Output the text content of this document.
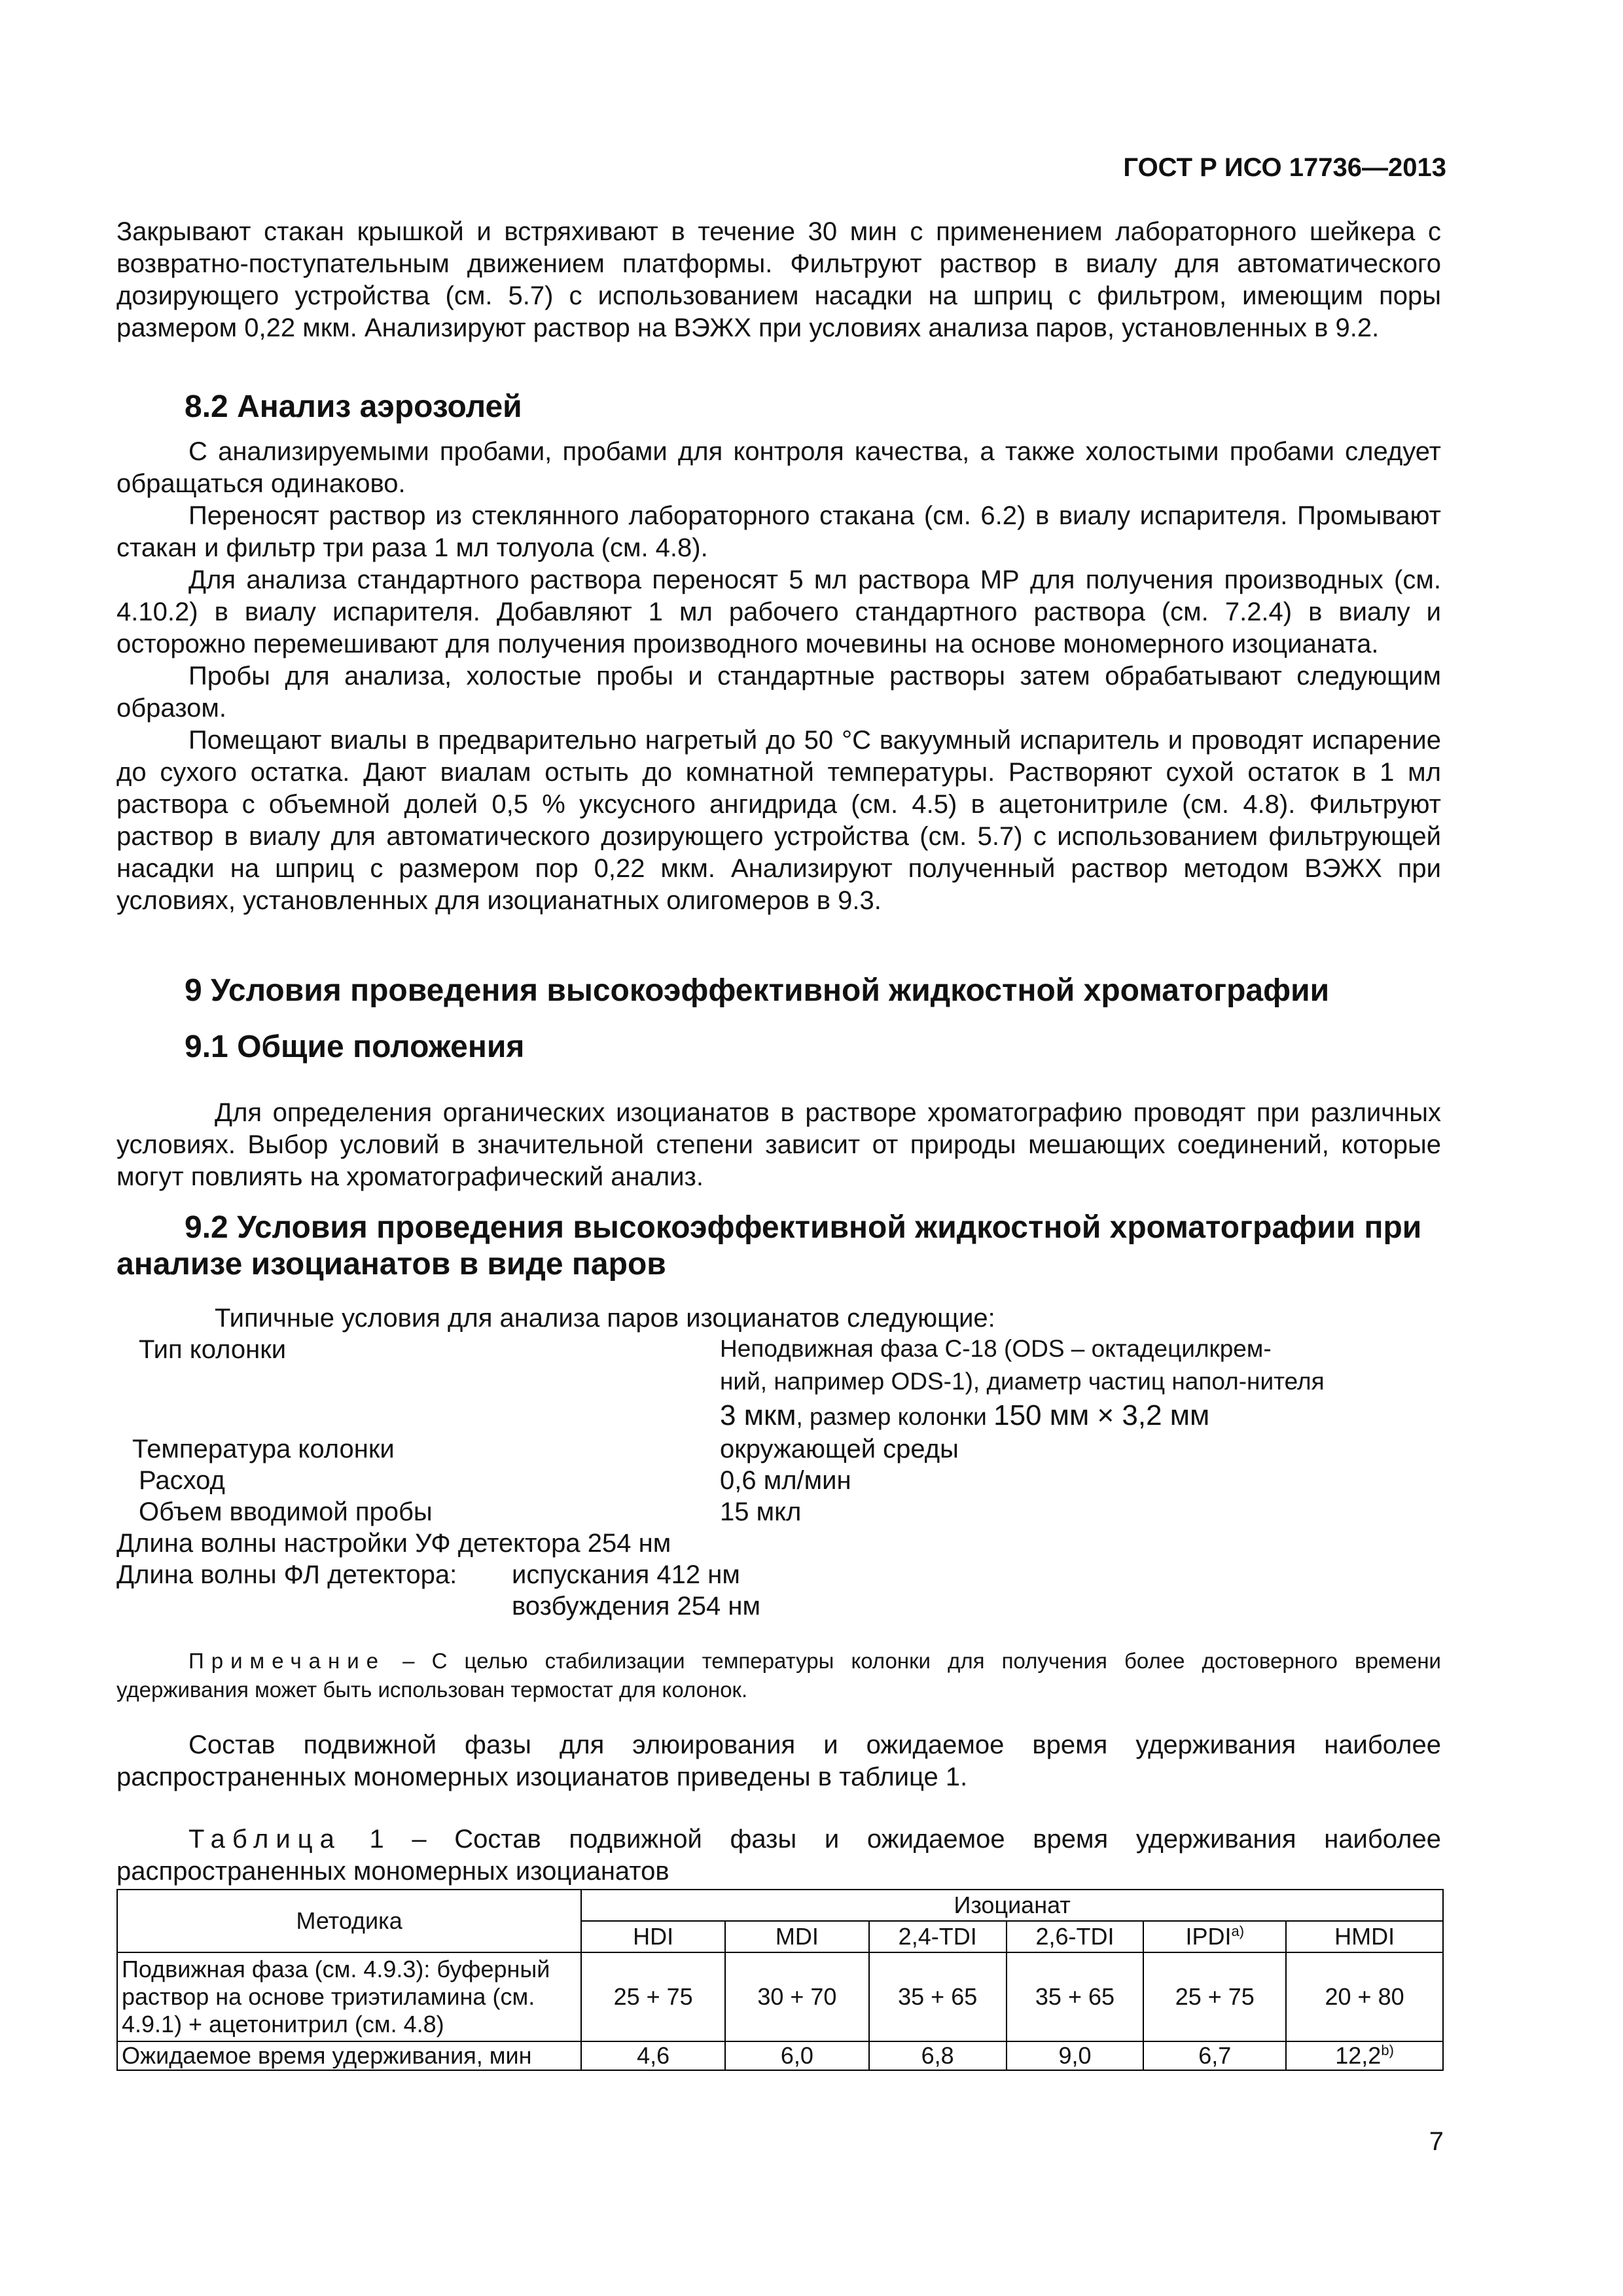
ГОСТ Р ИСО 17736—2013

Закрывают стакан крышкой и встряхивают в течение 30 мин с применением лабораторного шейкера с возвратно-поступательным движением платформы. Фильтруют раствор в виалу для автоматического дозирующего устройства (см. 5.7) с использованием насадки на шприц с фильтром, имеющим поры размером 0,22 мкм. Анализируют раствор на ВЭЖХ при условиях анализа паров, установленных в 9.2.

8.2 Анализ аэрозолей

С анализируемыми пробами, пробами для контроля качества, а также холостыми пробами следует обращаться одинаково.

Переносят раствор из стеклянного лабораторного стакана (см. 6.2) в виалу испарителя. Промывают стакан и фильтр три раза 1 мл толуола (см. 4.8).

Для анализа стандартного раствора переносят 5 мл раствора МР для получения производных (см. 4.10.2) в виалу испарителя. Добавляют 1 мл рабочего стандартного раствора (см. 7.2.4) в виалу и осторожно перемешивают для получения производного мочевины на основе мономерного изоцианата.

Пробы для анализа, холостые пробы и стандартные растворы затем обрабатывают следующим образом.

Помещают виалы в предварительно нагретый до 50 °С вакуумный испаритель и проводят испарение до сухого остатка. Дают виалам остыть до комнатной температуры. Растворяют сухой остаток в 1 мл раствора с объемной долей 0,5 % уксусного ангидрида (см. 4.5) в ацетонитриле (см. 4.8). Фильтруют раствор в виалу для автоматического дозирующего устройства (см. 5.7) с использованием фильтрующей насадки на шприц с размером пор 0,22 мкм. Анализируют полученный раствор методом ВЭЖХ при условиях, установленных для изоцианатных олигомеров в 9.3.

9 Условия проведения высокоэффективной жидкостной хроматографии
9.1 Общие положения

Для определения органических изоцианатов в растворе хроматографию проводят при различных условиях. Выбор условий в значительной степени зависит от природы мешающих соединений, которые могут повлиять на хроматографический анализ.

9.2 Условия проведения высокоэффективной жидкостной хроматографии при анализе изоцианатов в виде паров
Типичные условия для анализа паров изоцианатов следующие:
Тип колонки	Неподвижная фаза С-18 (ODS – октадецилкрем-
ний, например ODS-1), диаметр частиц напол-нителя
3 мкм, размер колонки 150 мм × 3,2 мм
Температура колонки	окружающей среды
Расход	0,6 мл/мин
Объем вводимой пробы	15 мкл
Длина волны настройки УФ детектора 254 нм
Длина волны ФЛ детектора: испускания 412 нм
возбуждения 254 нм
Примечание – С целью стабилизации температуры колонки для получения более достоверного времени удерживания может быть использован термостат для колонок.

Состав подвижной фазы для элюирования и ожидаемое время удерживания наиболее распространенных мономерных изоцианатов приведены в таблице 1.

Таблица 1 – Состав подвижной фазы и ожидаемое время удерживания наиболее распространенных мономерных изоцианатов

Методика	Изоцианат					
	HDI	MDI	2,4-TDI	2,6-TDI	$IPDI^{а)}$	HMDI
Подвижная фаза (см. 4.9.3): буферный раствор на основе триэтиламина (см. 4.9.1) + ацетонитрил (см. 4.8)	25 + 75	30 + 70	35 + 65	35 + 65	25 + 75	20 + 80
Ожидаемое время удерживания, мин	4,6	6,0	6,8	9,0	6,7	12,2$^{b)}$
7
